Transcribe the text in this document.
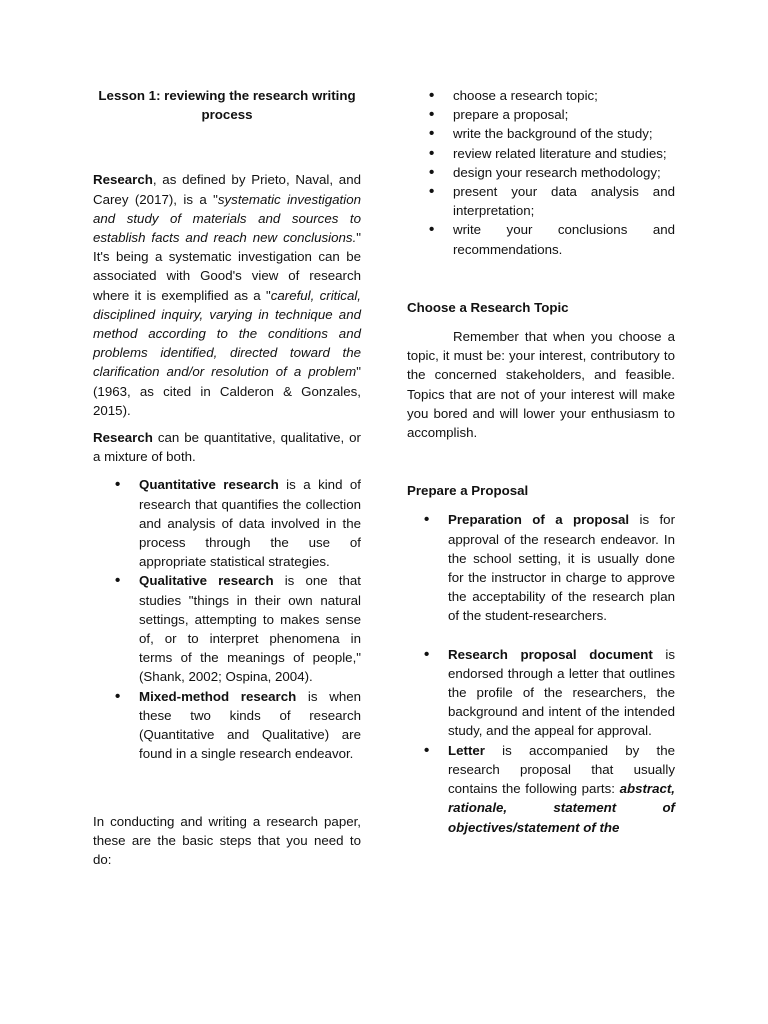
Lesson 1: reviewing the research writing process

Research, as defined by Prieto, Naval, and Carey (2017), is a "systematic investigation and study of materials and sources to establish facts and reach new conclusions." It's being a systematic investigation can be associated with Good's view of research where it is exemplified as a "careful, critical, disciplined inquiry, varying in technique and method according to the conditions and problems identified, directed toward the clarification and/or resolution of a problem" (1963, as cited in Calderon & Gonzales, 2015).

Research can be quantitative, qualitative, or a mixture of both.

• Quantitative research is a kind of research that quantifies the collection and analysis of data involved in the process through the use of appropriate statistical strategies.
• Qualitative research is one that studies "things in their own natural settings, attempting to makes sense of, or to interpret phenomena in terms of the meanings of people," (Shank, 2002; Ospina, 2004).
• Mixed-method research is when these two kinds of research (Quantitative and Qualitative) are found in a single research endeavor.

In conducting and writing a research paper, these are the basic steps that you need to do:

• choose a research topic;
• prepare a proposal;
• write the background of the study;
• review related literature and studies;
• design your research methodology;
• present your data analysis and interpretation;
• write your conclusions and recommendations.
Choose a Research Topic

Remember that when you choose a topic, it must be: your interest, contributory to the concerned stakeholders, and feasible. Topics that are not of your interest will make you bored and will lower your enthusiasm to accomplish.

Prepare a Proposal
• Preparation of a proposal is for approval of the research endeavor. In the school setting, it is usually done for the instructor in charge to approve the acceptability of the research plan of the student-researchers.
• Research proposal document is endorsed through a letter that outlines the profile of the researchers, the background and intent of the intended study, and the appeal for approval.
• Letter is accompanied by the research proposal that usually contains the following parts: abstract, rationale, statement of objectives/statement of the
